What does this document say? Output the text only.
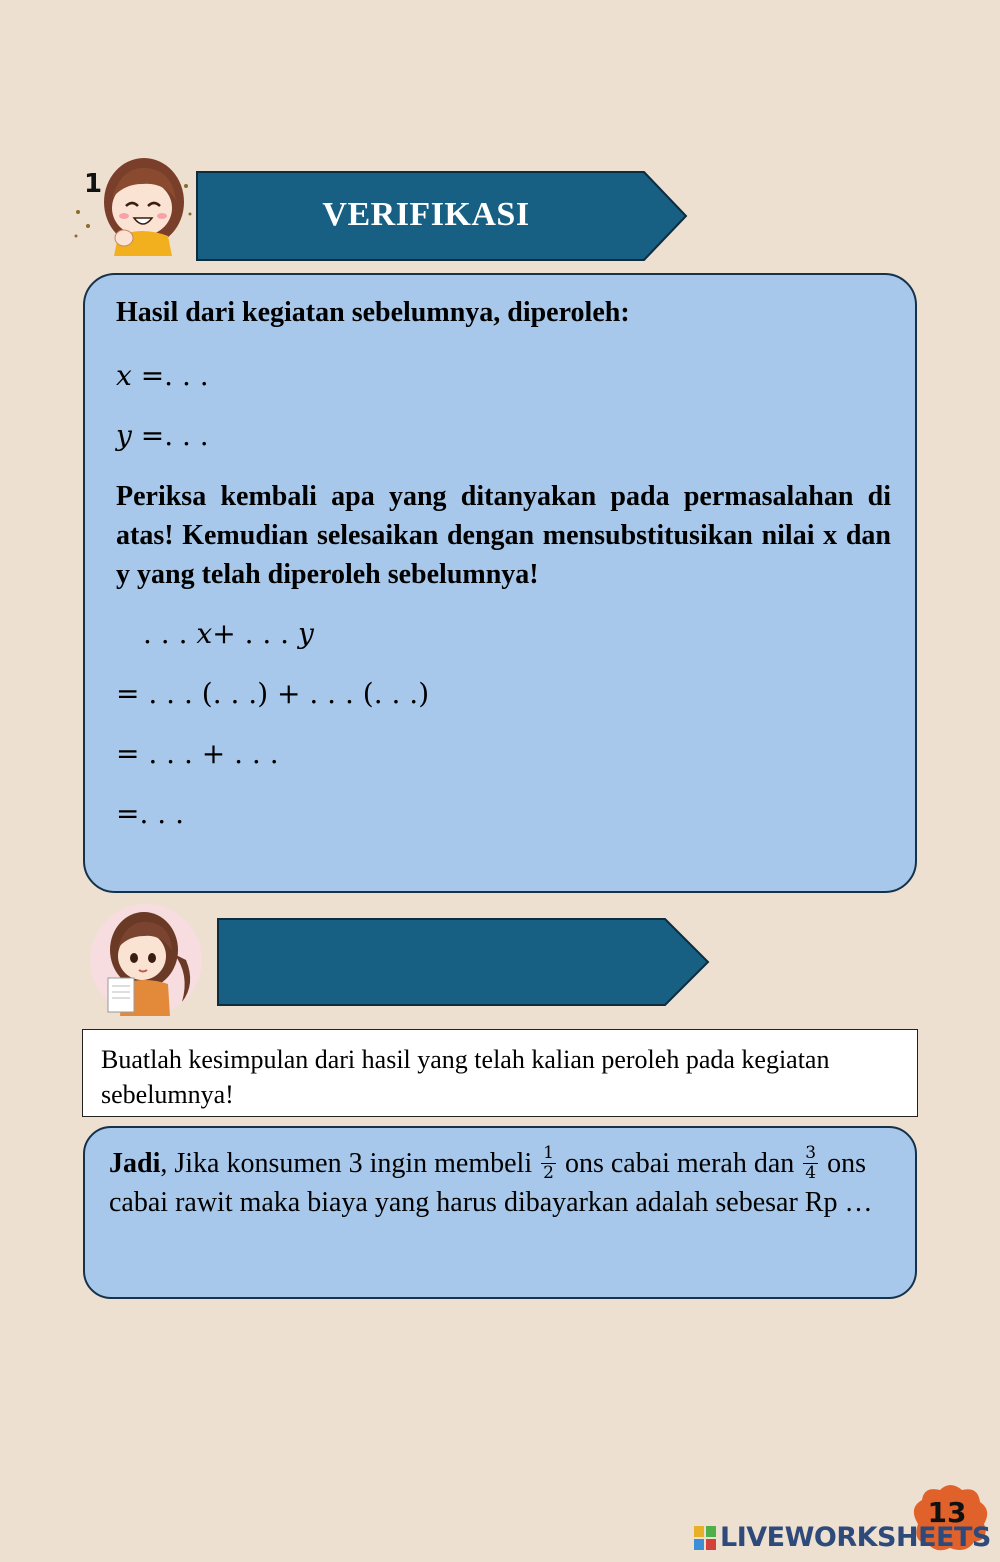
1
VERIFIKASI
Hasil dari kegiatan sebelumnya, diperoleh:
x =. . .
y =. . .
Periksa kembali apa yang ditanyakan pada permasalahan di atas! Kemudian selesaikan dengan mensubstitusikan nilai x dan y yang telah diperoleh sebelumnya!
. . . x+ . . . y
= . . . (. . .) + . . . (. . .)
= . . . + . . .
=. . .
Buatlah kesimpulan dari hasil yang telah kalian peroleh pada kegiatan sebelumnya!
Jadi, Jika konsumen 3 ingin membeli $\frac{1}{2}$ ons cabai merah dan $\frac{3}{4}$ ons cabai rawit maka biaya yang harus dibayarkan adalah sebesar Rp …
13
LIVEWORKSHEETS
